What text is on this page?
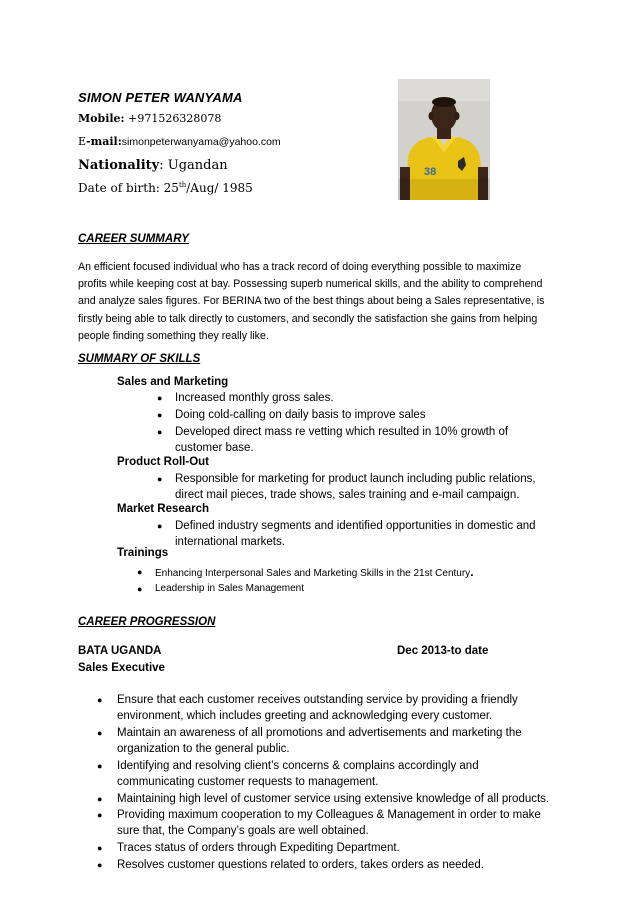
SIMON PETER WANYAMA
Mobile: +971526328078
E-mail:simonpeterwanyama@yahoo.com
Nationality: Ugandan
Date of birth: 25th/Aug/ 1985
38
CAREER SUMMARY
An efficient focused individual who has a track record of doing everything possible to maximize
profits while keeping cost at bay. Possessing superb numerical skills, and the ability to comprehend
and analyze sales figures. For BERINA two of the best things about being a Sales representative, is
firstly being able to talk directly to customers, and secondly the satisfaction she gains from helping
people finding something they really like.
SUMMARY OF SKILLS
Sales and Marketing
● Increased monthly gross sales.
● Doing cold-calling on daily basis to improve sales
● Developed direct mass re vetting which resulted in 10% growth of
customer base.
Product Roll-Out
● Responsible for marketing for product launch including public relations,
direct mail pieces, trade shows, sales training and e-mail campaign.
Market Research
● Defined industry segments and identified opportunities in domestic and
international markets.
Trainings
● Enhancing Interpersonal Sales and Marketing Skills in the 21st Century.
● Leadership in Sales Management
CAREER PROGRESSION
BATA UGANDA	Dec 2013-to date
Sales Executive
● Ensure that each customer receives outstanding service by providing a friendly
environment, which includes greeting and acknowledging every customer.
● Maintain an awareness of all promotions and advertisements and marketing the
organization to the general public.
● Identifying and resolving client’s concerns & complains accordingly and
communicating customer requests to management.
● Maintaining high level of customer service using extensive knowledge of all products.
● Providing maximum cooperation to my Colleagues & Management in order to make
sure that, the Company’s goals are well obtained.
● Traces status of orders through Expediting Department.
● Resolves customer questions related to orders, takes orders as needed.
